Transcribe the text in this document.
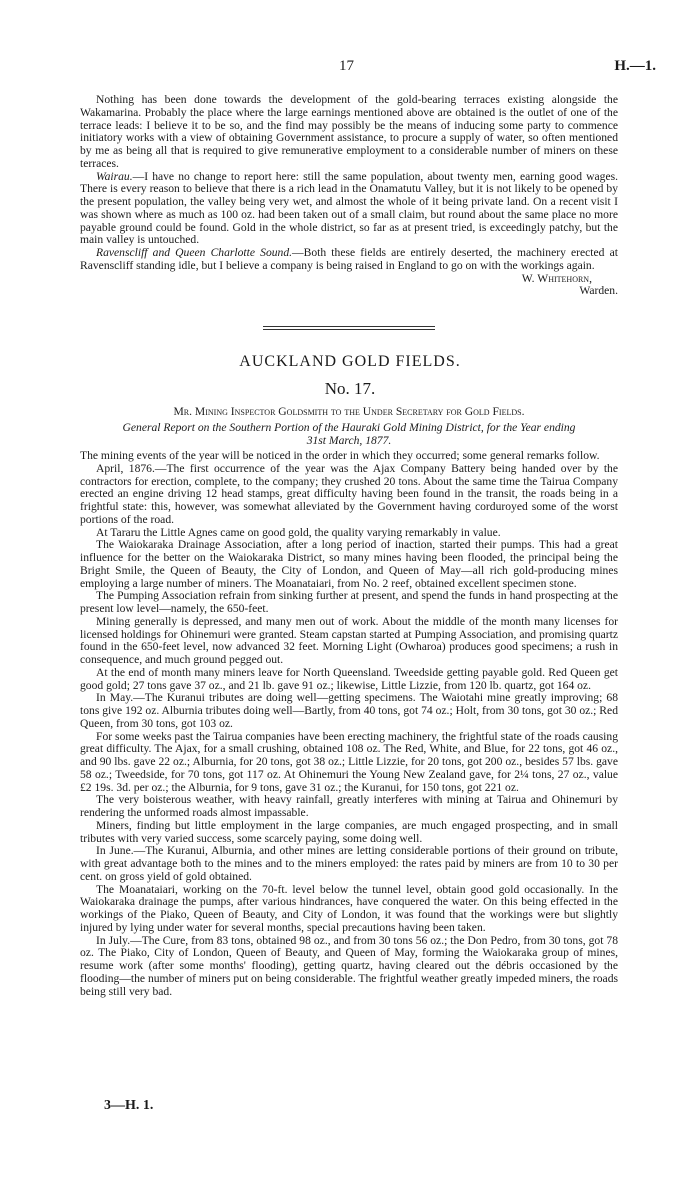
17	H.—1.

Nothing has been done towards the development of the gold-bearing terraces existing alongside the Wakamarina. Probably the place where the large earnings mentioned above are obtained is the outlet of one of the terrace leads: I believe it to be so, and the find may possibly be the means of inducing some party to commence initiatory works with a view of obtaining Government assistance, to procure a supply of water, so often mentioned by me as being all that is required to give remunerative employment to a considerable number of miners on these terraces.

Wairau.—I have no change to report here: still the same population, about twenty men, earning good wages. There is every reason to believe that there is a rich lead in the Onamatutu Valley, but it is not likely to be opened by the present population, the valley being very wet, and almost the whole of it being private land. On a recent visit I was shown where as much as 100 oz. had been taken out of a small claim, but round about the same place no more payable ground could be found. Gold in the whole district, so far as at present tried, is exceedingly patchy, but the main valley is untouched.

Ravenscliff and Queen Charlotte Sound.—Both these fields are entirely deserted, the machinery erected at Ravenscliff standing idle, but I believe a company is being raised in England to go on with the workings again.

W. Whitehorn,
Warden.
AUCKLAND GOLD FIELDS.
No. 17.
Mr. Mining Inspector Goldsmith to the Under Secretary for Gold Fields.
General Report on the Southern Portion of the Hauraki Gold Mining District, for the Year ending
31st March, 1877.

The mining events of the year will be noticed in the order in which they occurred; some general remarks follow.

April, 1876.—The first occurrence of the year was the Ajax Company Battery being handed over by the contractors for erection, complete, to the company; they crushed 20 tons. About the same time the Tairua Company erected an engine driving 12 head stamps, great difficulty having been found in the transit, the roads being in a frightful state: this, however, was somewhat alleviated by the Government having corduroyed some of the worst portions of the road.

At Tararu the Little Agnes came on good gold, the quality varying remarkably in value.

The Waiokaraka Drainage Association, after a long period of inaction, started their pumps. This had a great influence for the better on the Waiokaraka District, so many mines having been flooded, the principal being the Bright Smile, the Queen of Beauty, the City of London, and Queen of May—all rich gold-producing mines employing a large number of miners. The Moanataiari, from No. 2 reef, obtained excellent specimen stone.

The Pumping Association refrain from sinking further at present, and spend the funds in hand prospecting at the present low level—namely, the 650-feet.

Mining generally is depressed, and many men out of work. About the middle of the month many licenses for licensed holdings for Ohinemuri were granted. Steam capstan started at Pumping Association, and promising quartz found in the 650-feet level, now advanced 32 feet. Morning Light (Owharoa) produces good specimens; a rush in consequence, and much ground pegged out.

At the end of month many miners leave for North Queensland. Tweedside getting payable gold. Red Queen get good gold; 27 tons gave 37 oz., and 21 lb. gave 91 oz.; likewise, Little Lizzie, from 120 lb. quartz, got 164 oz.

In May.—The Kuranui tributes are doing well—getting specimens. The Waiotahi mine greatly improving; 68 tons give 192 oz. Alburnia tributes doing well—Bartly, from 40 tons, got 74 oz.; Holt, from 30 tons, got 30 oz.; Red Queen, from 30 tons, got 103 oz.

For some weeks past the Tairua companies have been erecting machinery, the frightful state of the roads causing great difficulty. The Ajax, for a small crushing, obtained 108 oz. The Red, White, and Blue, for 22 tons, got 46 oz., and 90 lbs. gave 22 oz.; Alburnia, for 20 tons, got 38 oz.; Little Lizzie, for 20 tons, got 200 oz., besides 57 lbs. gave 58 oz.; Tweedside, for 70 tons, got 117 oz. At Ohinemuri the Young New Zealand gave, for 2¼ tons, 27 oz., value £2 19s. 3d. per oz.; the Alburnia, for 9 tons, gave 31 oz.; the Kuranui, for 150 tons, got 221 oz.

The very boisterous weather, with heavy rainfall, greatly interferes with mining at Tairua and Ohinemuri by rendering the unformed roads almost impassable.

Miners, finding but little employment in the large companies, are much engaged prospecting, and in small tributes with very varied success, some scarcely paying, some doing well.

In June.—The Kuranui, Alburnia, and other mines are letting considerable portions of their ground on tribute, with great advantage both to the mines and to the miners employed: the rates paid by miners are from 10 to 30 per cent. on gross yield of gold obtained.

The Moanataiari, working on the 70-ft. level below the tunnel level, obtain good gold occasionally. In the Waiokaraka drainage the pumps, after various hindrances, have conquered the water. On this being effected in the workings of the Piako, Queen of Beauty, and City of London, it was found that the workings were but slightly injured by lying under water for several months, special precautions having been taken.

In July.—The Cure, from 83 tons, obtained 98 oz., and from 30 tons 56 oz.; the Don Pedro, from 30 tons, got 78 oz. The Piako, City of London, Queen of Beauty, and Queen of May, forming the Waiokaraka group of mines, resume work (after some months' flooding), getting quartz, having cleared out the débris occasioned by the flooding—the number of miners put on being considerable. The frightful weather greatly impeded miners, the roads being still very bad.

3—H. 1.
